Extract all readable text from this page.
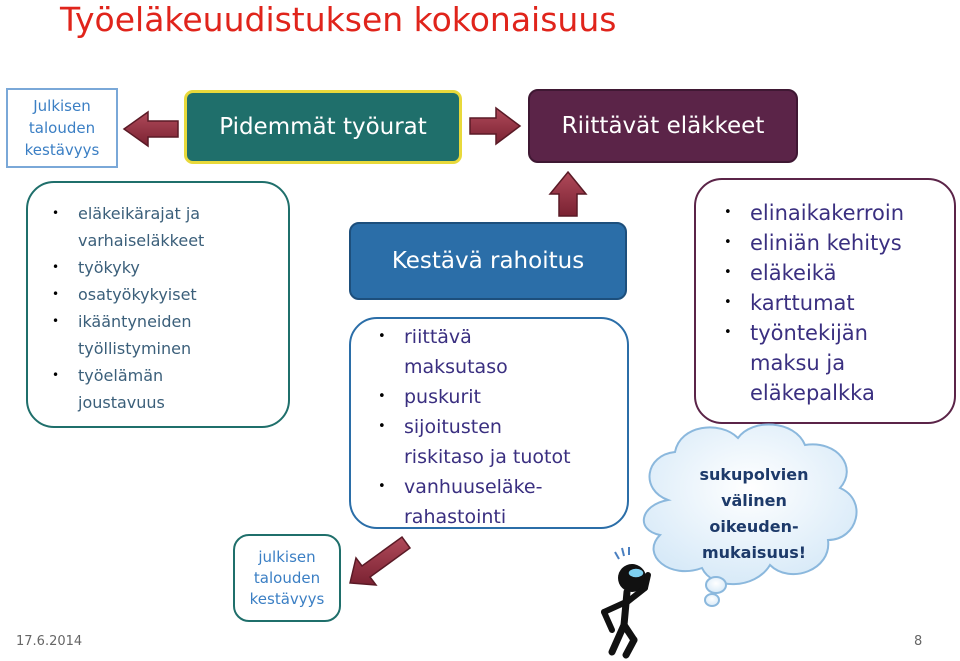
Työeläkeuudistuksen kokonaisuus
Julkisen
talouden
kestävyys
Pidemmät työurat	Riittävät eläkkeet
• eläkeikärajat ja
varhaiseläkkeet
• työkyky
• osatyökykyiset
• ikääntyneiden
työllistyminen
• työelämän
joustavuus
Kestävä rahoitus
• riittävä
maksutaso
• puskurit
• sijoitusten
riskitaso ja tuotot
• vanhuuseläke-
rahastointi
• elinaikakerroin
• eliniän kehitys
• eläkeikä
• karttumat
• työntekijän
maksu ja
eläkepalkka
julkisen
talouden
kestävyys
sukupolvien
välinen
oikeuden-
mukaisuus!
17.6.2014	8
